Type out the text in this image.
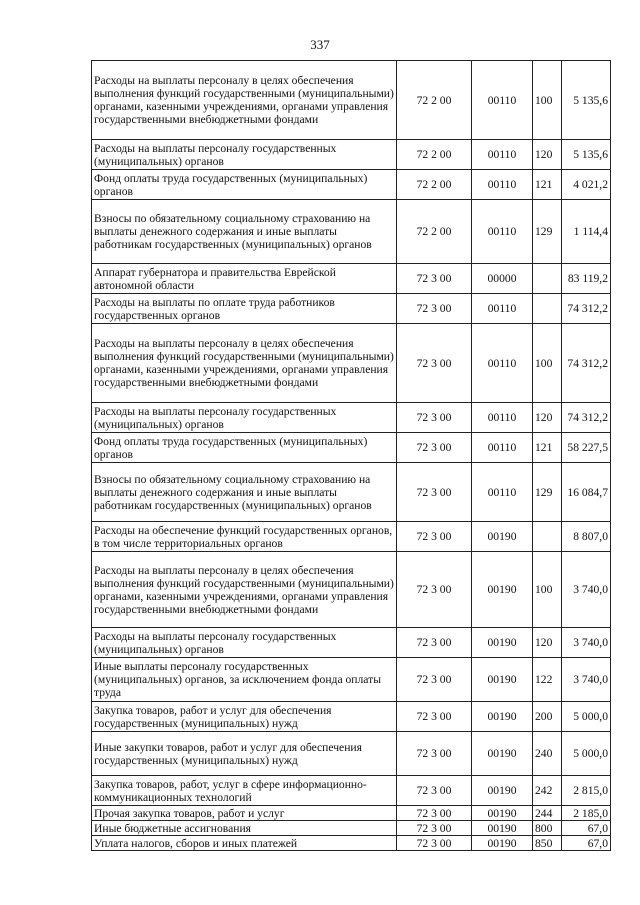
337
Расходы на выплаты персоналу в целях обеспечения выполнения функций государственными (муниципальными) органами, казенными учреждениями, органами управления государственными внебюджетными фондами	72 2 00	00110	100	5 135,6
Расходы на выплаты персоналу государственных (муниципальных) органов	72 2 00	00110	120	5 135,6
Фонд оплаты труда государственных (муниципальных) органов	72 2 00	00110	121	4 021,2
Взносы по обязательному социальному страхованию на выплаты денежного содержания и иные выплаты работникам государственных (муниципальных) органов	72 2 00	00110	129	1 114,4
Аппарат губернатора и правительства Еврейской автономной области	72 3 00	00000		83 119,2
Расходы на выплаты по оплате труда работников государственных органов	72 3 00	00110		74 312,2
Расходы на выплаты персоналу в целях обеспечения выполнения функций государственными (муниципальными) органами, казенными учреждениями, органами управления государственными внебюджетными фондами	72 3 00	00110	100	74 312,2
Расходы на выплаты персоналу государственных (муниципальных) органов	72 3 00	00110	120	74 312,2
Фонд оплаты труда государственных (муниципальных) органов	72 3 00	00110	121	58 227,5
Взносы по обязательному социальному страхованию на выплаты денежного содержания и иные выплаты работникам государственных (муниципальных) органов	72 3 00	00110	129	16 084,7
Расходы на обеспечение функций государственных органов, в том числе территориальных органов	72 3 00	00190		8 807,0
Расходы на выплаты персоналу в целях обеспечения выполнения функций государственными (муниципальными) органами, казенными учреждениями, органами управления государственными внебюджетными фондами	72 3 00	00190	100	3 740,0
Расходы на выплаты персоналу государственных (муниципальных) органов	72 3 00	00190	120	3 740,0
Иные выплаты персоналу государственных (муниципальных) органов, за исключением фонда оплаты труда	72 3 00	00190	122	3 740,0
Закупка товаров, работ и услуг для обеспечения государственных (муниципальных) нужд	72 3 00	00190	200	5 000,0
Иные закупки товаров, работ и услуг для обеспечения государственных (муниципальных) нужд	72 3 00	00190	240	5 000,0
Закупка товаров, работ, услуг в сфере информационно-коммуникационных технологий	72 3 00	00190	242	2 815,0
Прочая закупка товаров, работ и услуг	72 3 00	00190	244	2 185,0
Иные бюджетные ассигнования	72 3 00	00190	800	67,0
Уплата налогов, сборов и иных платежей	72 3 00	00190	850	67,0
